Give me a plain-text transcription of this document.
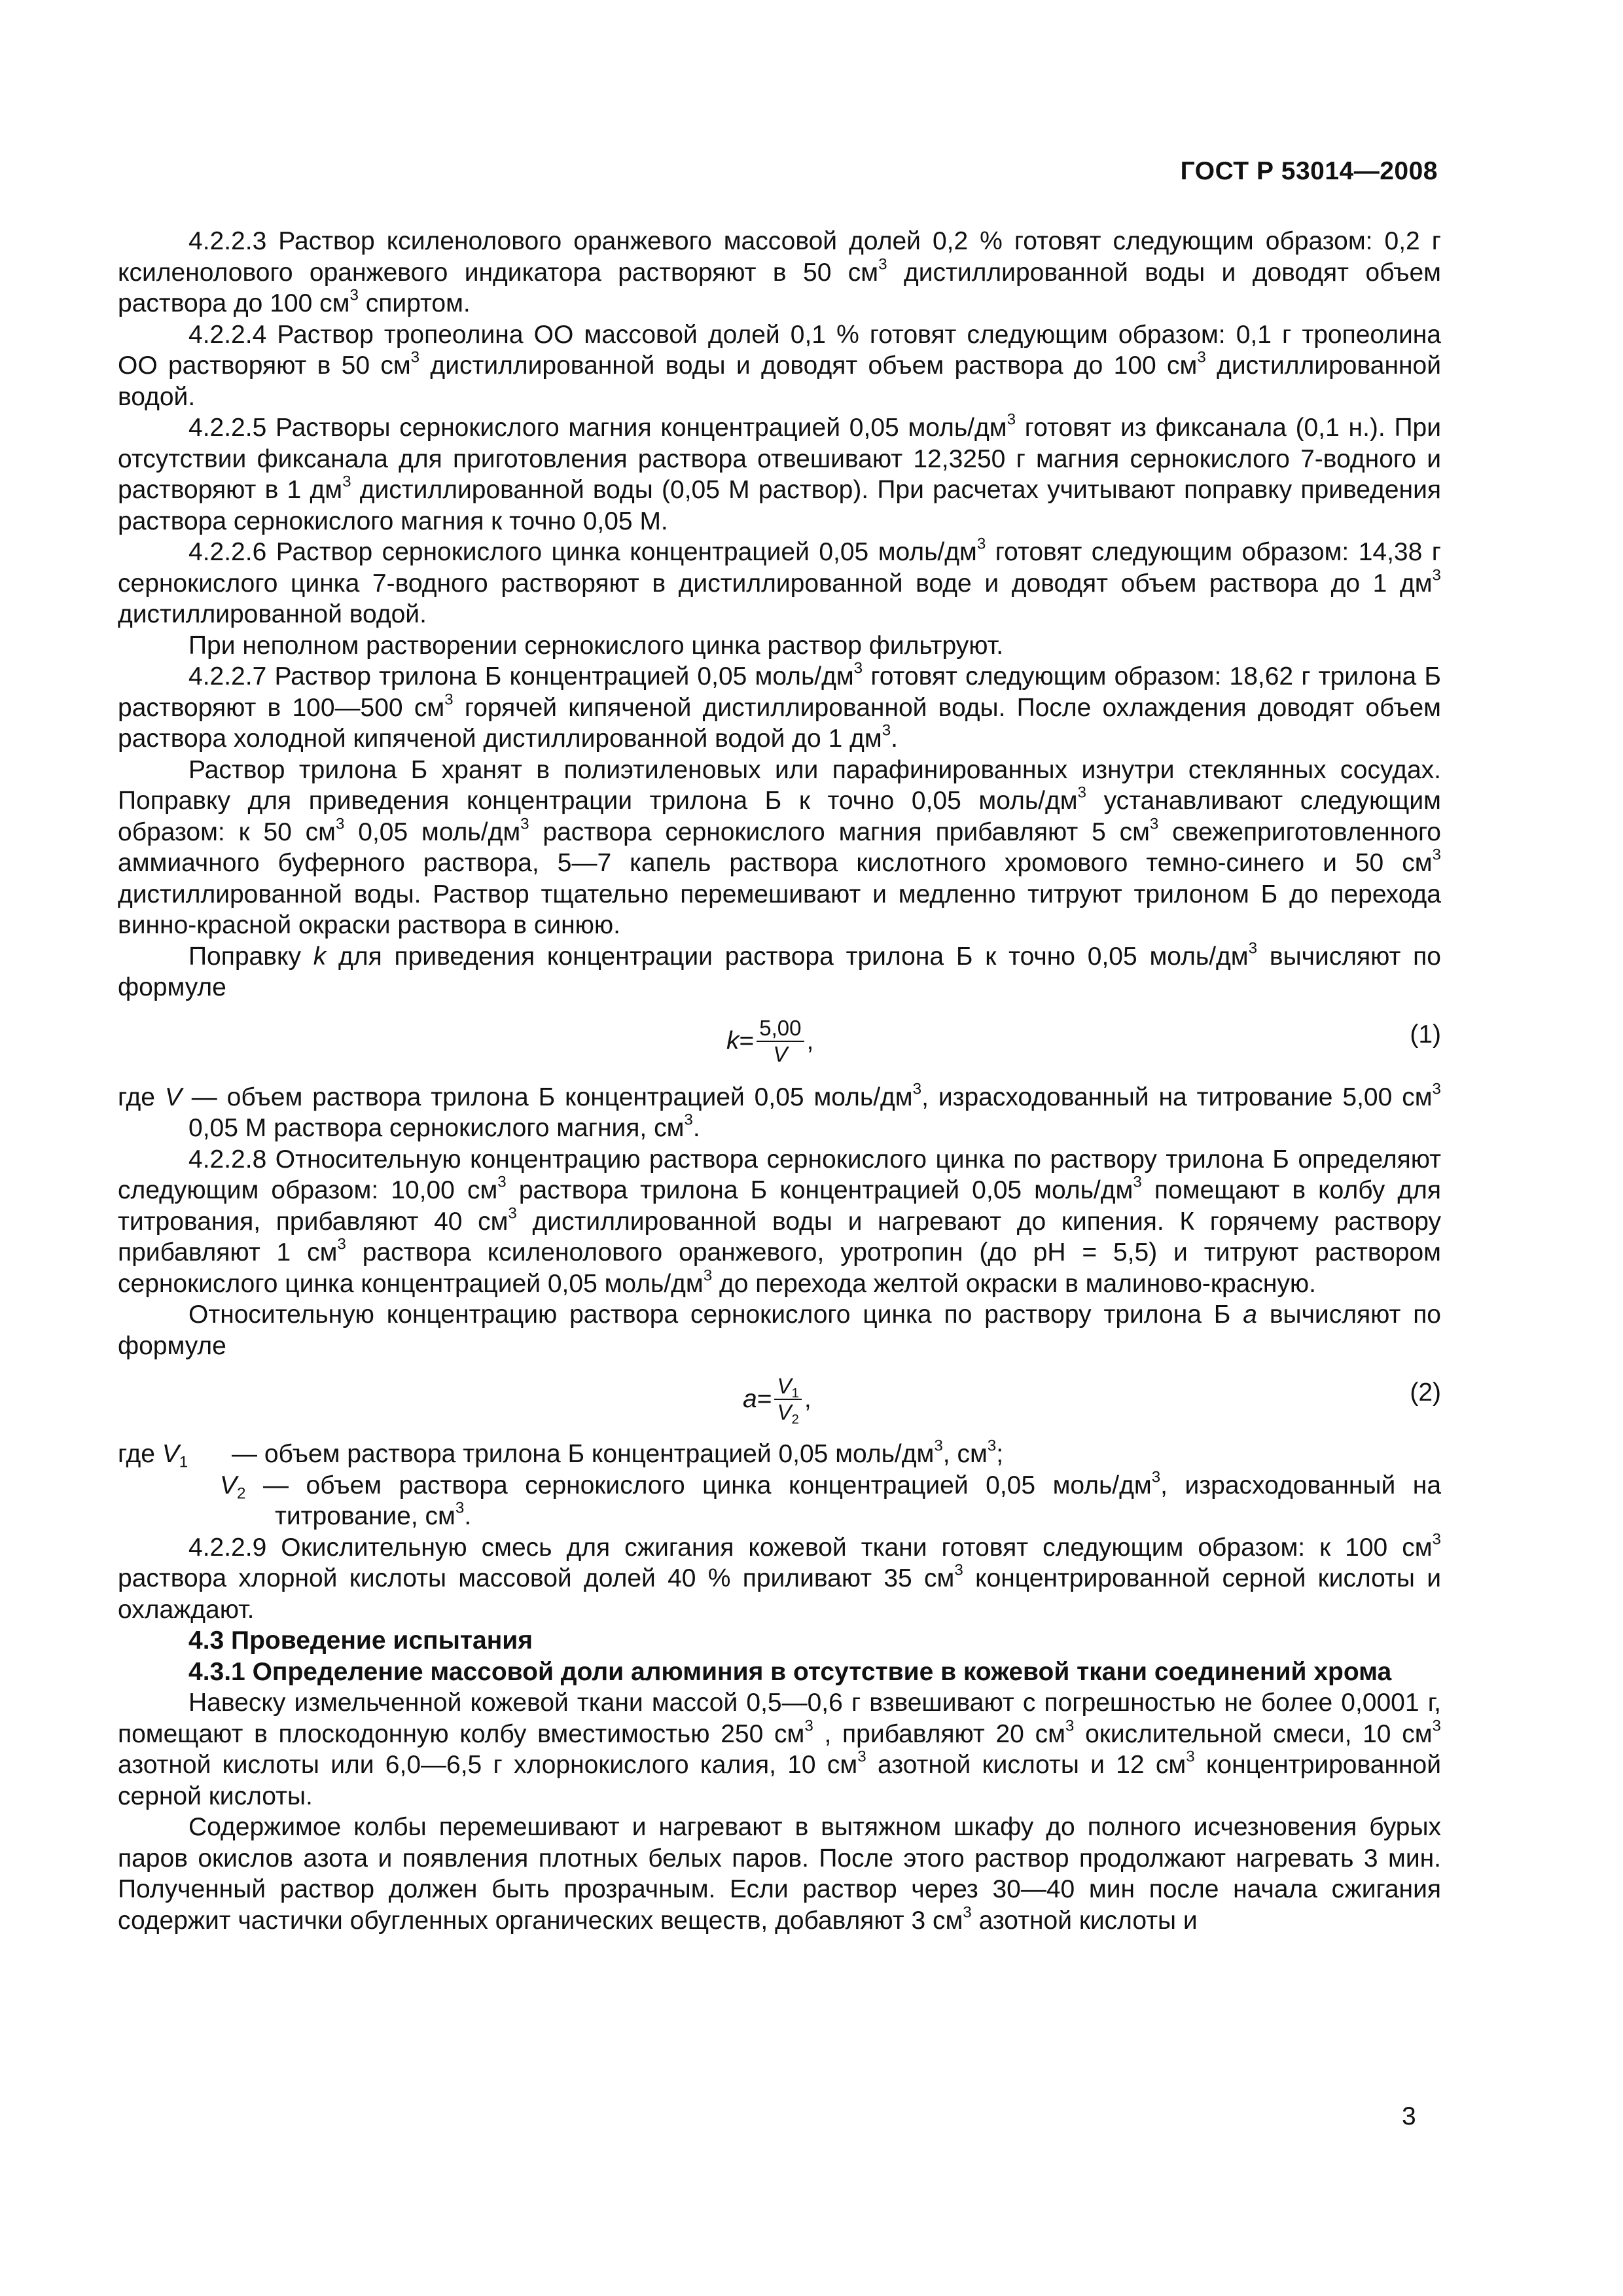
ГОСТ Р 53014—2008

4.2.2.3 Раствор ксиленолового оранжевого массовой долей 0,2 % готовят следующим образом: 0,2 г ксиленолового оранжевого индикатора растворяют в 50 $см^3$ дистиллированной воды и доводят объем раствора до 100 $см^3$ спиртом.

4.2.2.4 Раствор тропеолина ОО массовой долей 0,1 % готовят следующим образом: 0,1 г тропеолина ОО растворяют в 50 $см^3$ дистиллированной воды и доводят объем раствора до 100 $см^3$ дистиллированной водой.

4.2.2.5 Растворы сернокислого магния концентрацией 0,05 моль/$дм^3$ готовят из фиксанала (0,1 н.). При отсутствии фиксанала для приготовления раствора отвешивают 12,3250 г магния сернокислого 7-водного и растворяют в 1 $дм^3$ дистиллированной воды (0,05 М раствор). При расчетах учитывают поправку приведения раствора сернокислого магния к точно 0,05 М.

4.2.2.6 Раствор сернокислого цинка концентрацией 0,05 моль/$дм^3$ готовят следующим образом: 14,38 г сернокислого цинка 7-водного растворяют в дистиллированной воде и доводят объем раствора до 1 $дм^3$ дистиллированной водой.

При неполном растворении сернокислого цинка раствор фильтруют.

4.2.2.7 Раствор трилона Б концентрацией 0,05 моль/$дм^3$ готовят следующим образом: 18,62 г трилона Б растворяют в 100—500 $см^3$ горячей кипяченой дистиллированной воды. После охлаждения доводят объем раствора холодной кипяченой дистиллированной водой до 1 $дм^3$.

Раствор трилона Б хранят в полиэтиленовых или парафинированных изнутри стеклянных сосудах. Поправку для приведения концентрации трилона Б к точно 0,05 моль/$дм^3$ устанавливают следующим образом: к 50 $см^3$ 0,05 моль/$дм^3$ раствора сернокислого магния прибавляют 5 $см^3$ свежеприготовленного аммиачного буферного раствора, 5—7 капель раствора кислотного хромового темно-синего и 50 $см^3$ дистиллированной воды. Раствор тщательно перемешивают и медленно титруют трилоном Б до перехода винно-красной окраски раствора в синюю.

Поправку k для приведения концентрации раствора трилона Б к точно 0,05 моль/$дм^3$ вычисляют по формуле

$k = \frac{5,00}{V}$ ,	(1)

где V — объем раствора трилона Б концентрацией 0,05 моль/$дм^3$, израсходованный на титрование 5,00 $см^3$ 0,05 М раствора сернокислого магния, $см^3$.

4.2.2.8 Относительную концентрацию раствора сернокислого цинка по раствору трилона Б определяют следующим образом: 10,00 $см^3$ раствора трилона Б концентрацией 0,05 моль/$дм^3$ помещают в колбу для титрования, прибавляют 40 $см^3$ дистиллированной воды и нагревают до кипения. К горячему раствору прибавляют 1 $см^3$ раствора ксиленолового оранжевого, уротропин (до pH = 5,5) и титруют раствором сернокислого цинка концентрацией 0,05 моль/$дм^3$ до перехода желтой окраски в малиново-красную.

Относительную концентрацию раствора сернокислого цинка по раствору трилона Б a вычисляют по формуле

$a = \frac{V_1}{V_2}$ ,	(2)
где $V_1$	— объем раствора трилона Б концентрацией 0,05 моль/$дм^3$, $см^3$;

$V_2$ — объем раствора сернокислого цинка концентрацией 0,05 моль/$дм^3$, израсходованный на титрование, $см^3$.

4.2.2.9 Окислительную смесь для сжигания кожевой ткани готовят следующим образом: к 100 $см^3$ раствора хлорной кислоты массовой долей 40 % приливают 35 $см^3$ концентрированной серной кислоты и охлаждают.

4.3 Проведение испытания

4.3.1 Определение массовой доли алюминия в отсутствие в кожевой ткани соединений хрома

Навеску измельченной кожевой ткани массой 0,5—0,6 г взвешивают с погрешностью не более 0,0001 г, помещают в плоскодонную колбу вместимостью 250 $см^3$ , прибавляют 20 $см^3$ окислительной смеси, 10 $см^3$ азотной кислоты или 6,0—6,5 г хлорнокислого калия, 10 $см^3$ азотной кислоты и 12 $см^3$ концентрированной серной кислоты.

Содержимое колбы перемешивают и нагревают в вытяжном шкафу до полного исчезновения бурых паров окислов азота и появления плотных белых паров. После этого раствор продолжают нагревать 3 мин. Полученный раствор должен быть прозрачным. Если раствор через 30—40 мин после начала сжигания содержит частички обугленных органических веществ, добавляют 3 $см^3$ азотной кислоты и

3
